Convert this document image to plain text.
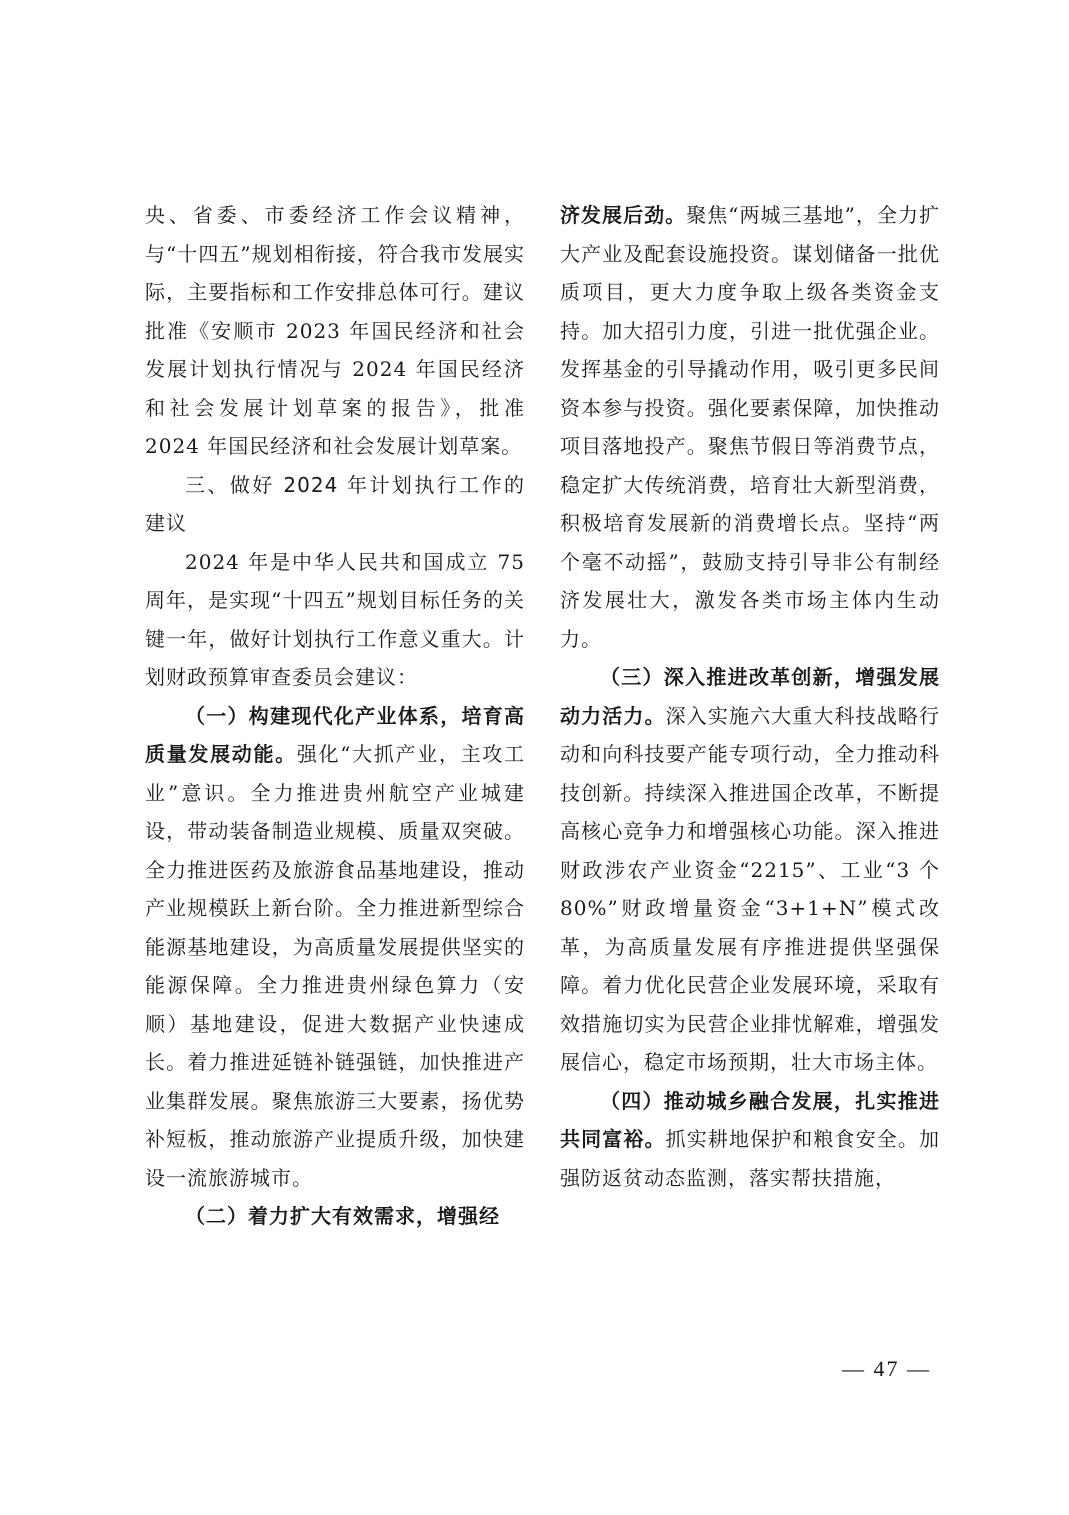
央、省委、市委经济工作会议精神，与“十四五”规划相衔接，符合我市发展实际，主要指标和工作安排总体可行。建议批准《安顺市 2023 年国民经济和社会发展计划执行情况与 2024 年国民经济和社会发展计划草案的报告》，批准 2024 年国民经济和社会发展计划草案。

三、做好 2024 年计划执行工作的建议

2024 年是中华人民共和国成立 75 周年，是实现“十四五”规划目标任务的关键一年，做好计划执行工作意义重大。计划财政预算审查委员会建议：

（一）构建现代化产业体系，培育高质量发展动能。强化“大抓产业，主攻工业”意识。全力推进贵州航空产业城建设，带动装备制造业规模、质量双突破。全力推进医药及旅游食品基地建设，推动产业规模跃上新台阶。全力推进新型综合能源基地建设，为高质量发展提供坚实的能源保障。全力推进贵州绿色算力（安顺）基地建设，促进大数据产业快速成长。着力推进延链补链强链，加快推进产业集群发展。聚焦旅游三大要素，扬优势补短板，推动旅游产业提质升级，加快建设一流旅游城市。

（二）着力扩大有效需求，增强经

济发展后劲。聚焦“两城三基地”，全力扩大产业及配套设施投资。谋划储备一批优质项目，更大力度争取上级各类资金支持。加大招引力度，引进一批优强企业。发挥基金的引导撬动作用，吸引更多民间资本参与投资。强化要素保障，加快推动项目落地投产。聚焦节假日等消费节点，稳定扩大传统消费，培育壮大新型消费，积极培育发展新的消费增长点。坚持“两个毫不动摇”，鼓励支持引导非公有制经济发展壮大，激发各类市场主体内生动力。

（三）深入推进改革创新，增强发展动力活力。深入实施六大重大科技战略行动和向科技要产能专项行动，全力推动科技创新。持续深入推进国企改革，不断提高核心竞争力和增强核心功能。深入推进财政涉农产业资金“2215”、工业“3 个 80%”财政增量资金“3+1+N”模式改革，为高质量发展有序推进提供坚强保障。着力优化民营企业发展环境，采取有效措施切实为民营企业排忧解难，增强发展信心，稳定市场预期，壮大市场主体。

（四）推动城乡融合发展，扎实推进共同富裕。抓实耕地保护和粮食安全。加强防返贫动态监测，落实帮扶措施，

— 47 —
